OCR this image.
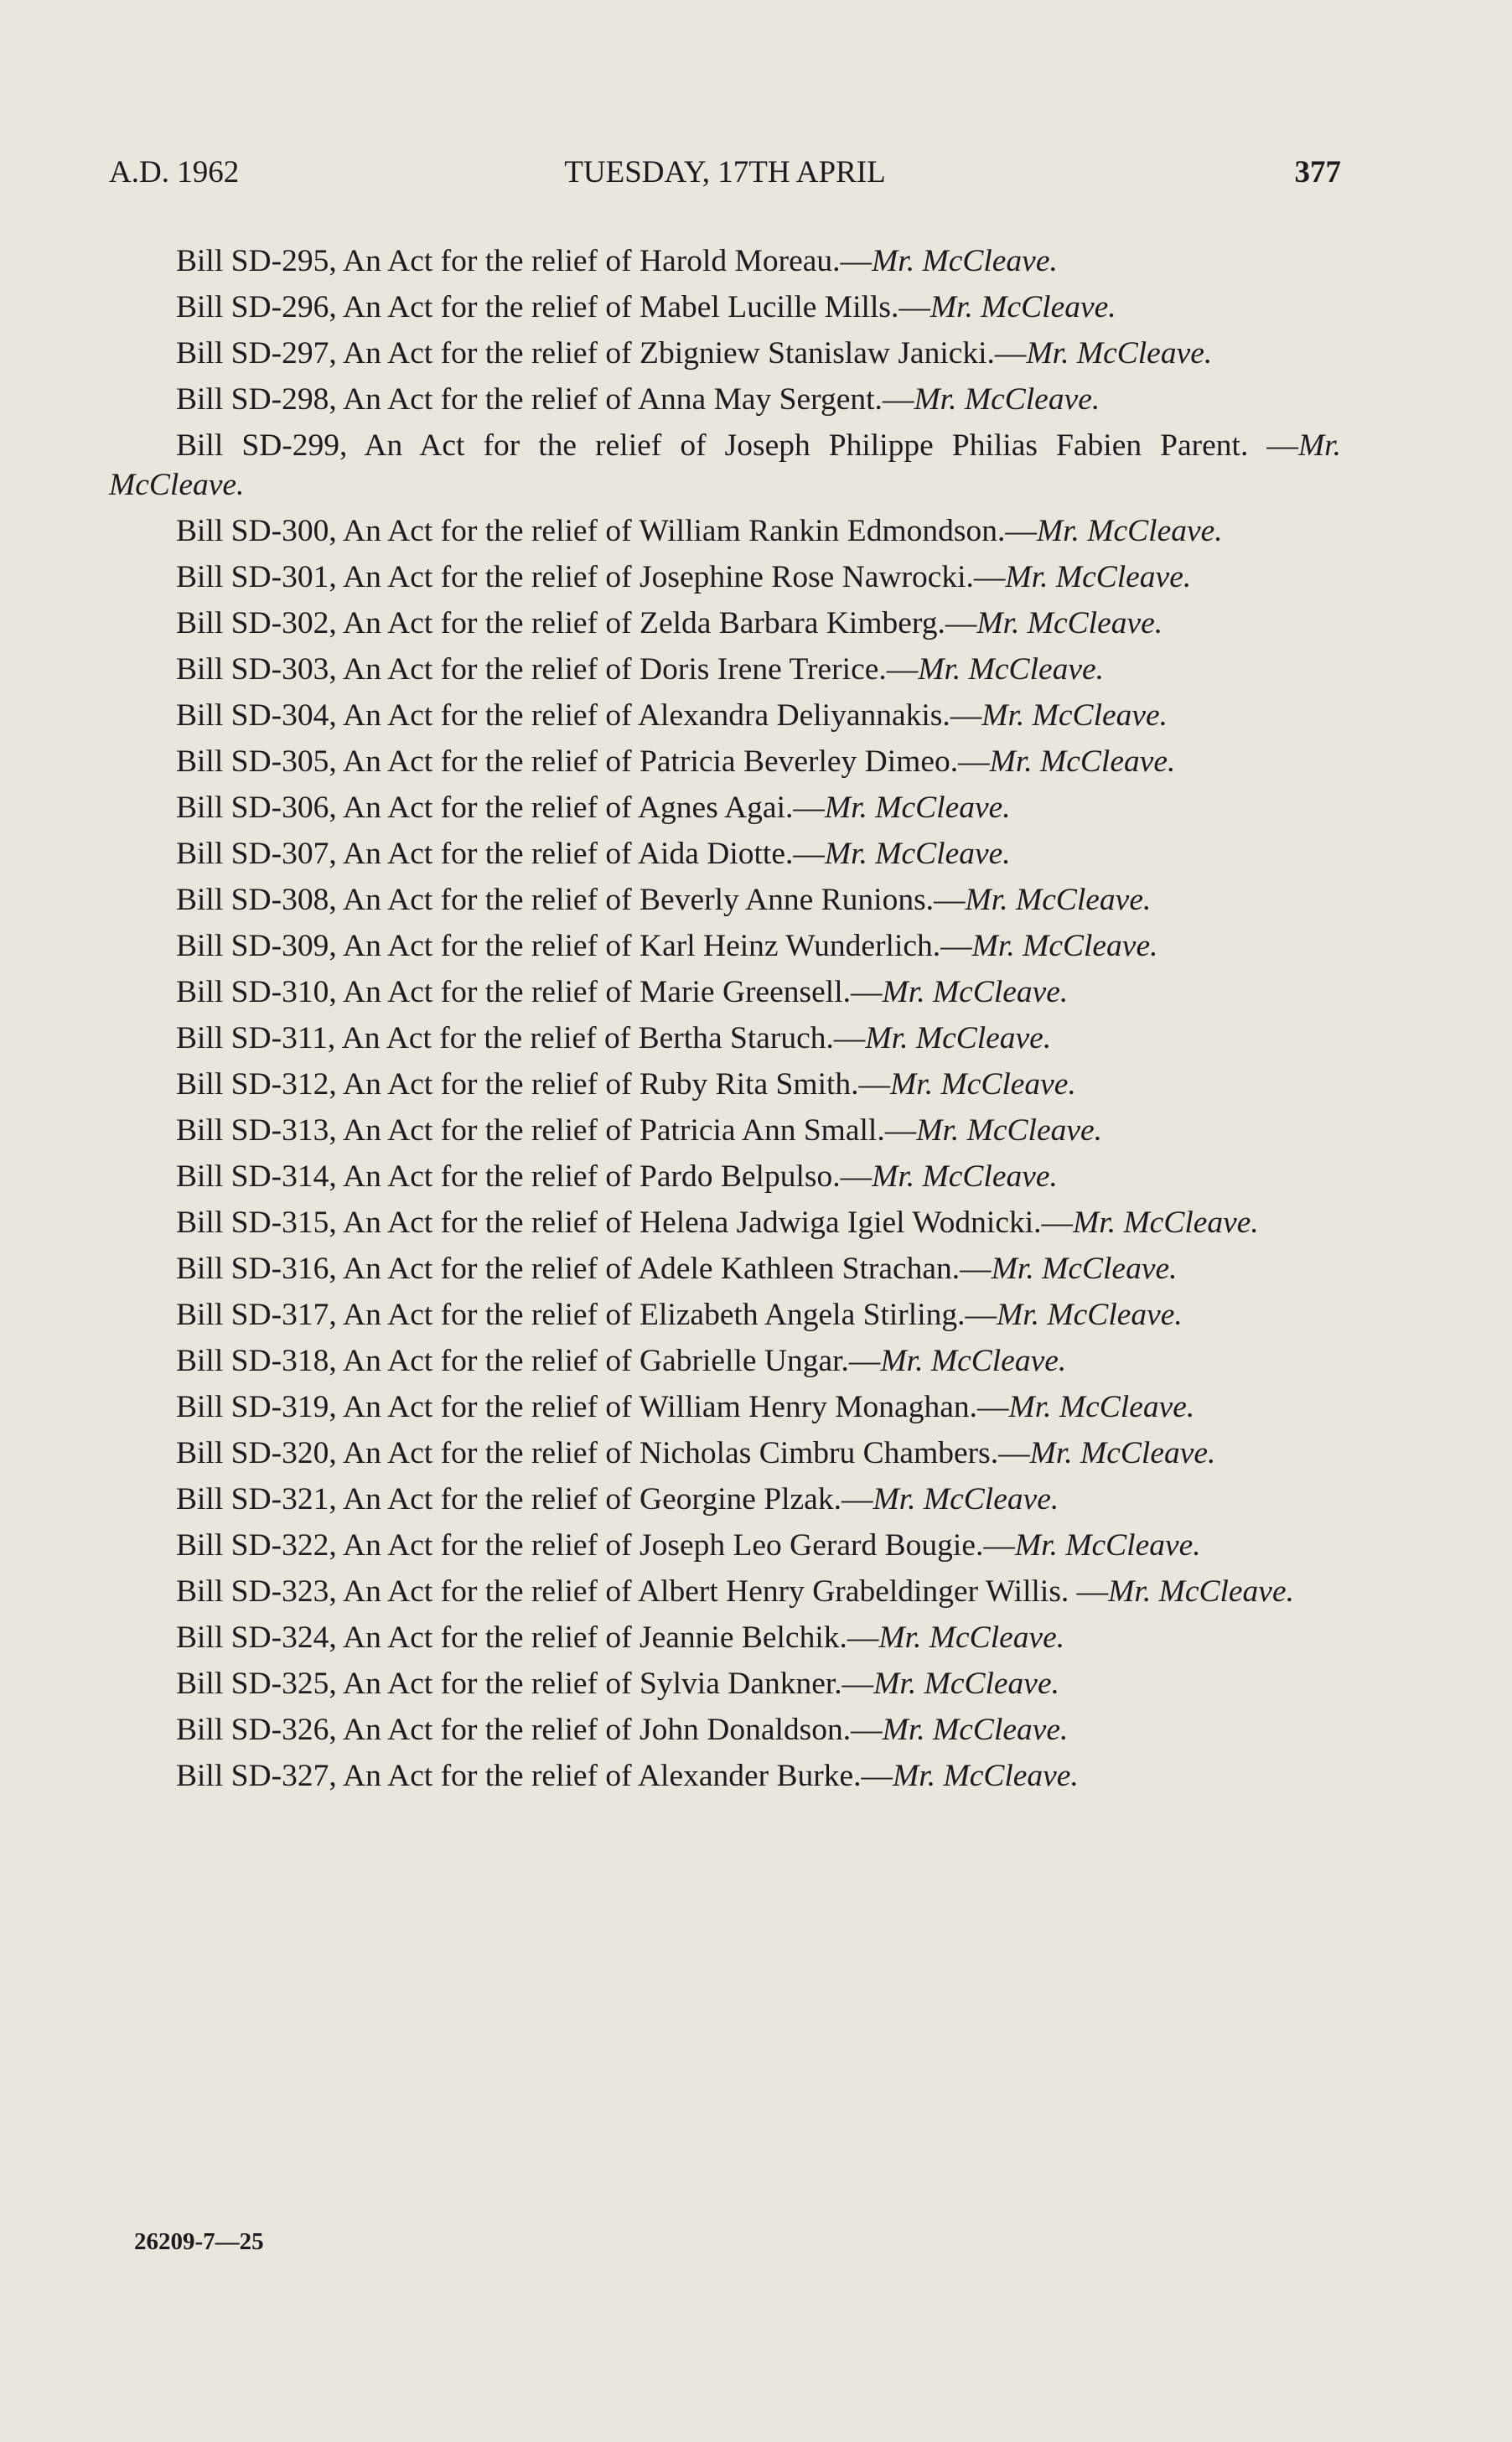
A.D. 1962	TUESDAY, 17TH APRIL	377

Bill SD-295, An Act for the relief of Harold Moreau.—Mr. McCleave.

Bill SD-296, An Act for the relief of Mabel Lucille Mills.—Mr. McCleave.

Bill SD-297, An Act for the relief of Zbigniew Stanislaw Janicki.—Mr. McCleave.

Bill SD-298, An Act for the relief of Anna May Sergent.—Mr. McCleave.

Bill SD-299, An Act for the relief of Joseph Philippe Philias Fabien Parent. —Mr. McCleave.

Bill SD-300, An Act for the relief of William Rankin Edmondson.—Mr. McCleave.

Bill SD-301, An Act for the relief of Josephine Rose Nawrocki.—Mr. McCleave.

Bill SD-302, An Act for the relief of Zelda Barbara Kimberg.—Mr. McCleave.

Bill SD-303, An Act for the relief of Doris Irene Trerice.—Mr. McCleave.

Bill SD-304, An Act for the relief of Alexandra Deliyannakis.—Mr. McCleave.

Bill SD-305, An Act for the relief of Patricia Beverley Dimeo.—Mr. McCleave.

Bill SD-306, An Act for the relief of Agnes Agai.—Mr. McCleave.

Bill SD-307, An Act for the relief of Aida Diotte.—Mr. McCleave.

Bill SD-308, An Act for the relief of Beverly Anne Runions.—Mr. McCleave.

Bill SD-309, An Act for the relief of Karl Heinz Wunderlich.—Mr. McCleave.

Bill SD-310, An Act for the relief of Marie Greensell.—Mr. McCleave.

Bill SD-311, An Act for the relief of Bertha Staruch.—Mr. McCleave.

Bill SD-312, An Act for the relief of Ruby Rita Smith.—Mr. McCleave.

Bill SD-313, An Act for the relief of Patricia Ann Small.—Mr. McCleave.

Bill SD-314, An Act for the relief of Pardo Belpulso.—Mr. McCleave.

Bill SD-315, An Act for the relief of Helena Jadwiga Igiel Wodnicki.—Mr. McCleave.

Bill SD-316, An Act for the relief of Adele Kathleen Strachan.—Mr. McCleave.

Bill SD-317, An Act for the relief of Elizabeth Angela Stirling.—Mr. McCleave.

Bill SD-318, An Act for the relief of Gabrielle Ungar.—Mr. McCleave.

Bill SD-319, An Act for the relief of William Henry Monaghan.—Mr. McCleave.

Bill SD-320, An Act for the relief of Nicholas Cimbru Chambers.—Mr. McCleave.

Bill SD-321, An Act for the relief of Georgine Plzak.—Mr. McCleave.

Bill SD-322, An Act for the relief of Joseph Leo Gerard Bougie.—Mr. McCleave.

Bill SD-323, An Act for the relief of Albert Henry Grabeldinger Willis. —Mr. McCleave.

Bill SD-324, An Act for the relief of Jeannie Belchik.—Mr. McCleave.

Bill SD-325, An Act for the relief of Sylvia Dankner.—Mr. McCleave.

Bill SD-326, An Act for the relief of John Donaldson.—Mr. McCleave.

Bill SD-327, An Act for the relief of Alexander Burke.—Mr. McCleave.

26209-7—25
